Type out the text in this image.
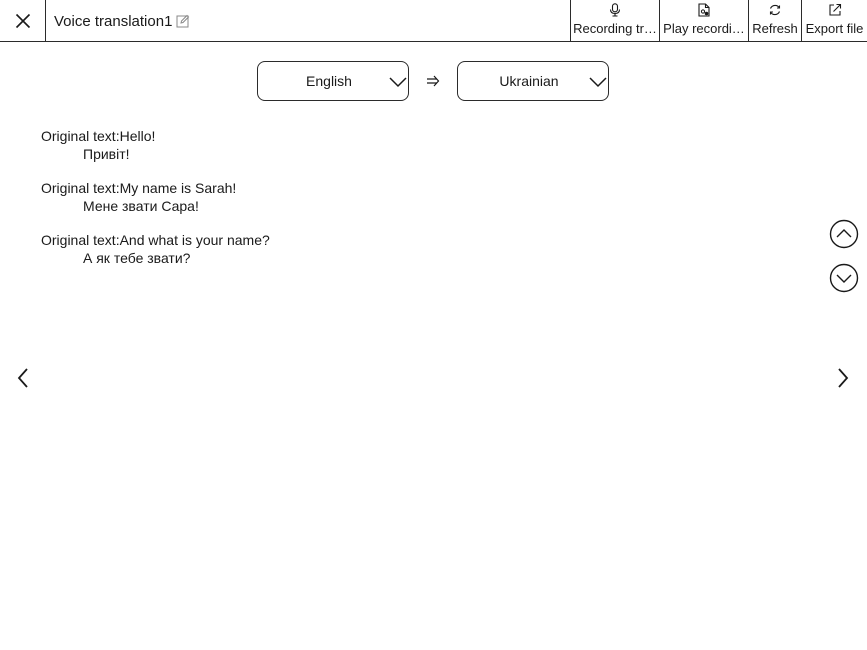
Voice translation1	Recording tr… Play recordi… Refresh Export file
English	Ukrainian
Original text:Hello!
Привіт!
Original text:My name is Sarah!
Мене звати Сара!
Original text:And what is your name?
А як тебе звати?
